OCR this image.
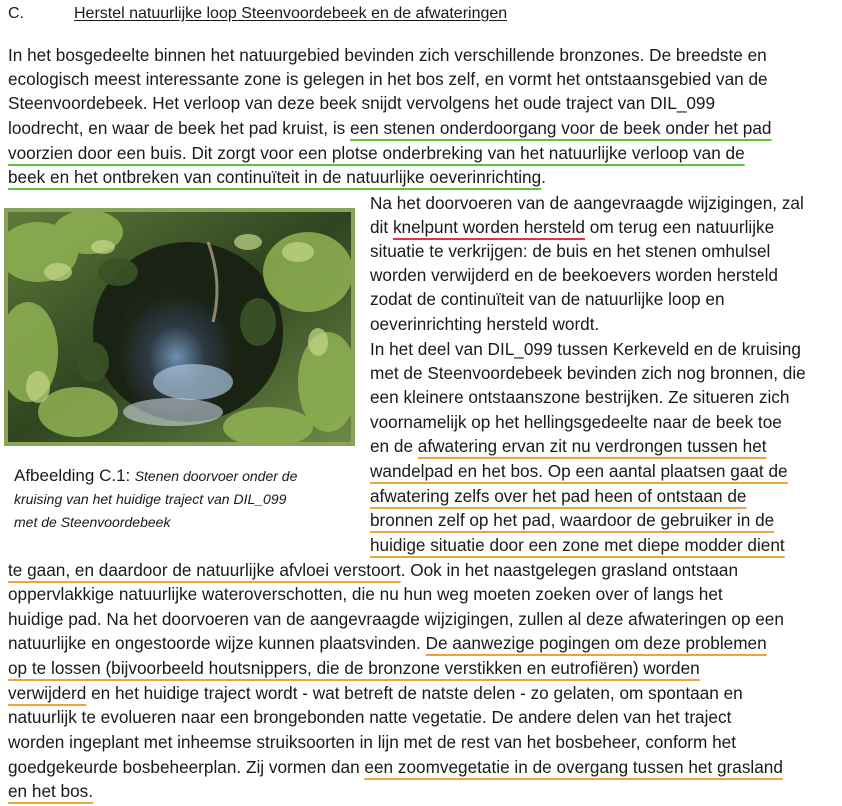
C.	Herstel natuurlijke loop Steenvoordebeek en de afwateringen
In het bosgedeelte binnen het natuurgebied bevinden zich verschillende bronzones. De breedste en
ecologisch meest interessante zone is gelegen in het bos zelf, en vormt het ontstaansgebied van de
Steenvoordebeek. Het verloop van deze beek snijdt vervolgens het oude traject van DIL_099
loodrecht, en waar de beek het pad kruist, is een stenen onderdoorgang voor de beek onder het pad
voorzien door een buis. Dit zorgt voor een plotse onderbreking van het natuurlijke verloop van de
beek en het ontbreken van continuïteit in de natuurlijke oeverinrichting.
Afbeelding C.1: Stenen doorvoer onder de
kruising van het huidige traject van DIL_099
met de Steenvoordebeek
Na het doorvoeren van de aangevraagde wijzigingen, zal
dit knelpunt worden hersteld om terug een natuurlijke
situatie te verkrijgen: de buis en het stenen omhulsel
worden verwijderd en de beekoevers worden hersteld
zodat de continuïteit van de natuurlijke loop en
oeverinrichting hersteld wordt.
In het deel van DIL_099 tussen Kerkeveld en de kruising
met de Steenvoordebeek bevinden zich nog bronnen, die
een kleinere ontstaanszone bestrijken. Ze situeren zich
voornamelijk op het hellingsgedeelte naar de beek toe
en de afwatering ervan zit nu verdrongen tussen het
wandelpad en het bos. Op een aantal plaatsen gaat de
afwatering zelfs over het pad heen of ontstaan de
bronnen zelf op het pad, waardoor de gebruiker in de
huidige situatie door een zone met diepe modder dient
te gaan, en daardoor de natuurlijke afvloei verstoort. Ook in het naastgelegen grasland ontstaan
oppervlakkige natuurlijke wateroverschotten, die nu hun weg moeten zoeken over of langs het
huidige pad. Na het doorvoeren van de aangevraagde wijzigingen, zullen al deze afwateringen op een
natuurlijke en ongestoorde wijze kunnen plaatsvinden. De aanwezige pogingen om deze problemen
op te lossen (bijvoorbeeld houtsnippers, die de bronzone verstikken en eutrofiëren) worden
verwijderd en het huidige traject wordt - wat betreft de natste delen - zo gelaten, om spontaan en
natuurlijk te evolueren naar een brongebonden natte vegetatie. De andere delen van het traject
worden ingeplant met inheemse struiksoorten in lijn met de rest van het bosbeheer, conform het
goedgekeurde bosbeheerplan. Zij vormen dan een zoomvegetatie in de overgang tussen het grasland
en het bos.
